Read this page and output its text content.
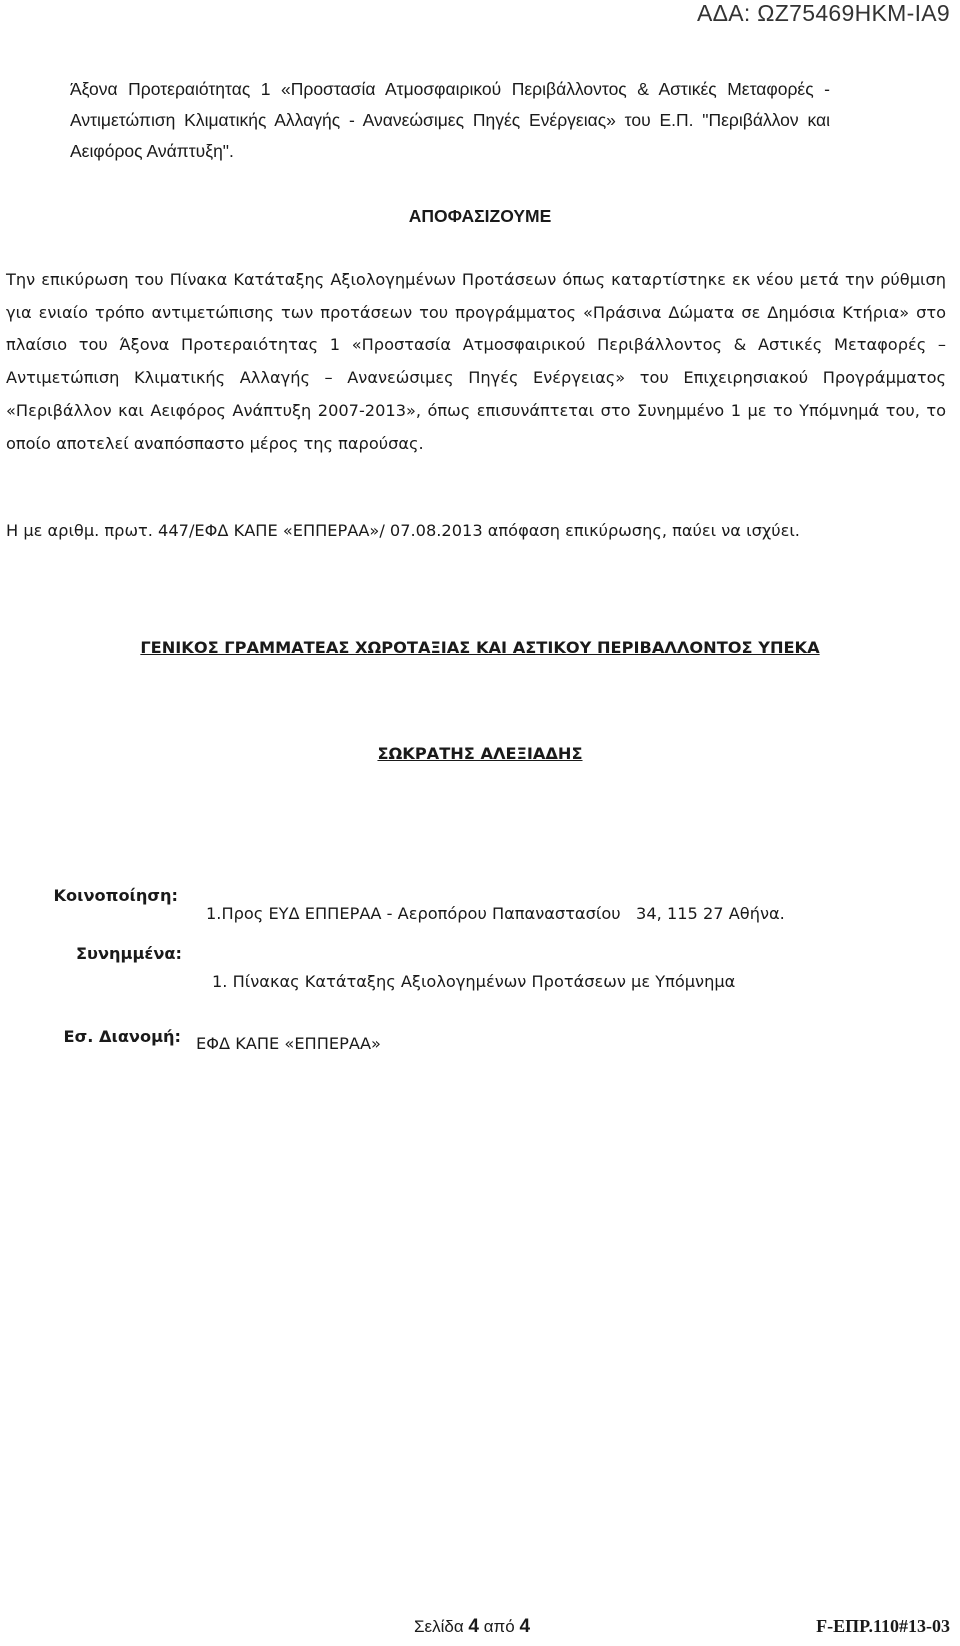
ΑΔΑ: ΩΖ75469ΗΚΜ-ΙΑ9
Άξονα Προτεραιότητας 1 «Προστασία Ατμοσφαιρικού Περιβάλλοντος & Αστικές Μεταφορές - Αντιμετώπιση Κλιματικής Αλλαγής - Ανανεώσιμες Πηγές Ενέργειας» του Ε.Π. "Περιβάλλον και Αειφόρος Ανάπτυξη".
ΑΠΟΦΑΣΙΖΟΥΜΕ
Την επικύρωση του Πίνακα Κατάταξης Αξιολογημένων Προτάσεων όπως καταρτίστηκε εκ νέου μετά την ρύθμιση για ενιαίο τρόπο αντιμετώπισης των προτάσεων του προγράμματος «Πράσινα Δώματα σε Δημόσια Κτήρια» στο πλαίσιο του Άξονα Προτεραιότητας 1 «Προστασία Ατμοσφαιρικού Περιβάλλοντος & Αστικές Μεταφορές – Αντιμετώπιση Κλιματικής Αλλαγής – Ανανεώσιμες Πηγές Ενέργειας» του Επιχειρησιακού Προγράμματος «Περιβάλλον και Αειφόρος Ανάπτυξη 2007-2013», όπως επισυνάπτεται στο Συνημμένο 1 με το Υπόμνημά του, το οποίο αποτελεί αναπόσπαστο μέρος της παρούσας.
Η με αριθμ. πρωτ. 447/ΕΦΔ ΚΑΠΕ «ΕΠΠΕΡΑΑ»/ 07.08.2013 απόφαση επικύρωσης, παύει να ισχύει.
ΓΕΝΙΚΟΣ ΓΡΑΜΜΑΤΕΑΣ ΧΩΡΟΤΑΞΙΑΣ ΚΑΙ ΑΣΤΙΚΟΥ ΠΕΡΙΒΑΛΛΟΝΤΟΣ ΥΠΕΚΑ
ΣΩΚΡΑΤΗΣ ΑΛΕΞΙΑΔΗΣ
Κοινοποίηση:
1.Προς ΕΥΔ ΕΠΠΕΡΑΑ - Αεροπόρου Παπαναστασίου   34, 115 27 Αθήνα.
Συνημμένα:
1. Πίνακας Κατάταξης Αξιολογημένων Προτάσεων με Υπόμνημα
Εσ. Διανομή: ΕΦΔ ΚΑΠΕ «ΕΠΠΕΡΑΑ»
Σελίδα 4 από 4	F-ΕΠΡ.110#13-03
